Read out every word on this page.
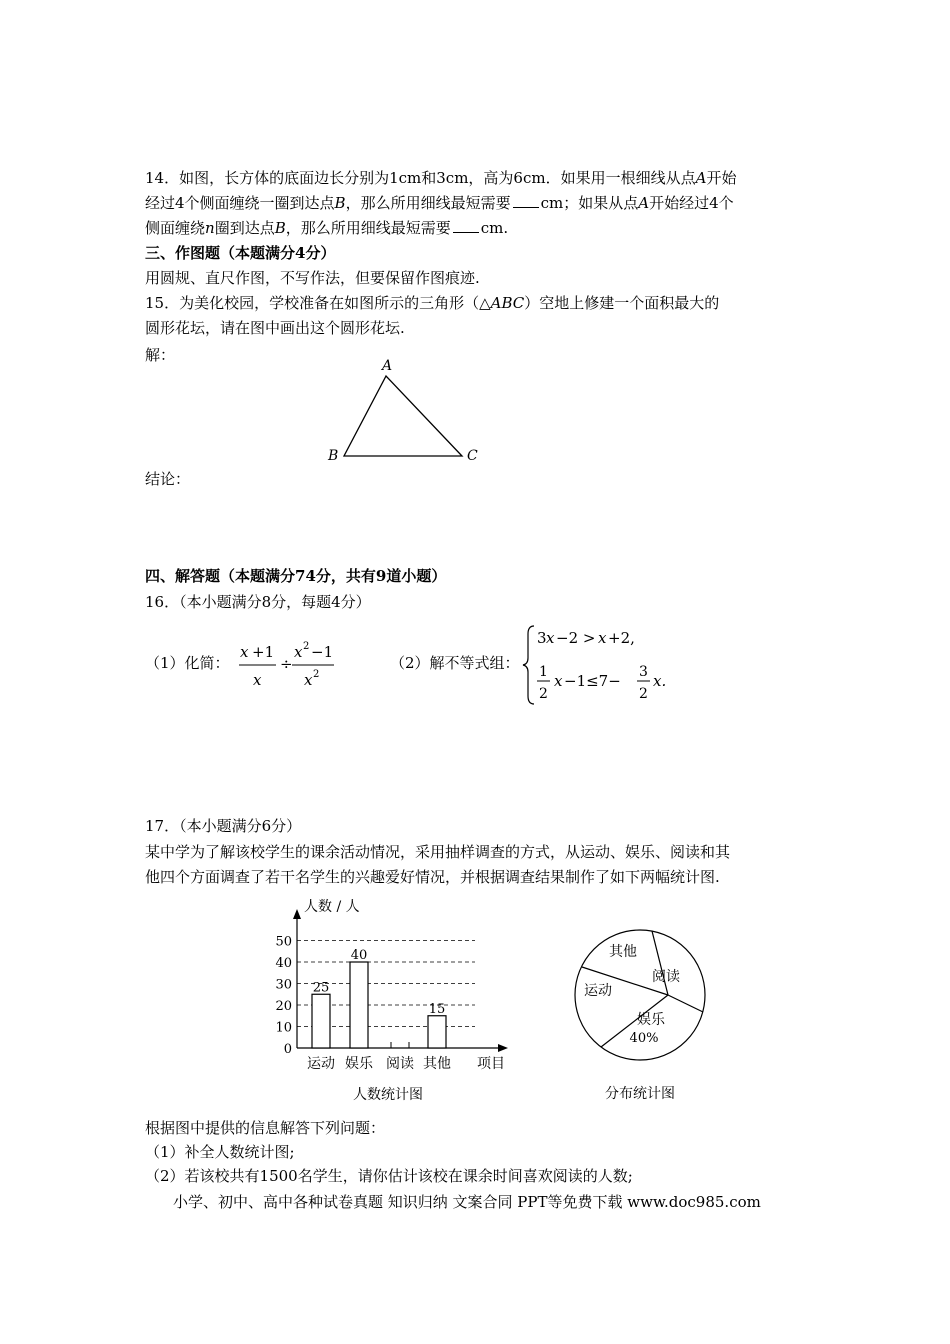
14．如图，长方体的底面边长分别为1cm和3cm，高为6cm．如果用一根细线从点A开始
经过4个侧面缠绕一圈到达点B，那么所用细线最短需要 cm；如果从点A开始经过4个
侧面缠绕n圈到达点B，那么所用细线最短需要 cm.
三、作图题（本题满分4分）
用圆规、直尺作图，不写作法，但要保留作图痕迹.
15．为美化校园，学校准备在如图所示的三角形（△ABC）空地上修建一个面积最大的
圆形花坛，请在图中画出这个圆形花坛.
解：
A
B	C
结论：
四、解答题（本题满分74分，共有9道小题）
16．（本小题满分8分，每题4分）
（1）化简：
x +1
x
÷
x 2 −1
x 2
（2）解不等式组：
3 x −2 > x +2,
1
2
x −1≤7− 3
2
x.
17．（本小题满分6分）
某中学为了解该校学生的课余活动情况，采用抽样调查的方式，从运动、娱乐、阅读和其
他四个方面调查了若干名学生的兴趣爱好情况，并根据调查结果制作了如下两幅统计图.
人数 / 人
项目
0
10
20
30
40
50
运动
25
娱乐
40
阅读 其他
15
人数统计图
其他
阅读
娱乐
运动
40%
分布统计图
根据图中提供的信息解答下列问题：
（1）补全人数统计图;
（2）若该校共有1500名学生，请你估计该校在课余时间喜欢阅读的人数;
小学、初中、高中各种试卷真题 知识归纳 文案合同 PPT等免费下载 www.doc985.com
